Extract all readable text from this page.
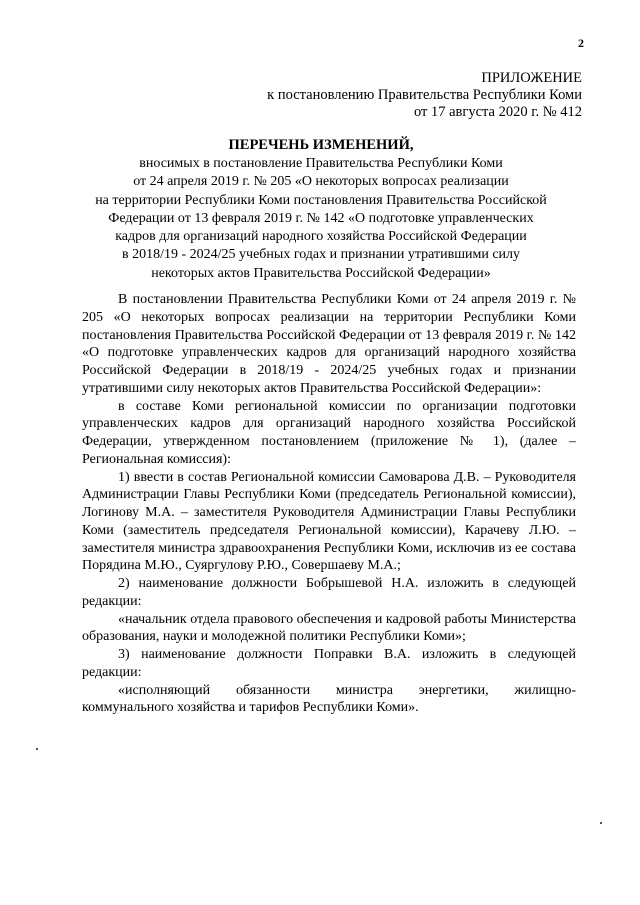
2
ПРИЛОЖЕНИЕ
к постановлению Правительства Республики Коми
от 17 августа 2020 г. № 412
ПЕРЕЧЕНЬ ИЗМЕНЕНИЙ,
вносимых в постановление Правительства Республики Коми
от 24 апреля 2019 г. № 205 «О некоторых вопросах реализации
на территории Республики Коми постановления Правительства Российской
Федерации от 13 февраля 2019 г. № 142 «О подготовке управленческих
кадров для организаций народного хозяйства Российской Федерации
в 2018/19 - 2024/25 учебных годах и признании утратившими силу
некоторых актов Правительства Российской Федерации»

В постановлении Правительства Республики Коми от 24 апреля 2019 г. № 205 «О некоторых вопросах реализации на территории Республики Коми постановления Правительства Российской Федерации от 13 февраля 2019 г. № 142 «О подготовке управленческих кадров для организаций народного хозяйства Российской Федерации в 2018/19 - 2024/25 учебных годах и признании утратившими силу некоторых актов Правительства Российской Федерации»:

в составе Коми региональной комиссии по организации подготовки управленческих кадров для организаций народного хозяйства Российской Федерации, утвержденном постановлением (приложение № 1), (далее – Региональная комиссия):

1) ввести в состав Региональной комиссии Самоварова Д.В. – Руководителя Администрации Главы Республики Коми (председатель Региональной комиссии), Логинову М.А. – заместителя Руководителя Администрации Главы Республики Коми (заместитель председателя Региональной комиссии), Карачеву Л.Ю. – заместителя министра здравоохранения Республики Коми, исключив из ее состава Порядина М.Ю., Суяргулову Р.Ю., Совершаеву М.А.;

2) наименование должности Бобрышевой Н.А. изложить в следующей редакции:

«начальник отдела правового обеспечения и кадровой работы Министерства образования, науки и молодежной политики Республики Коми»;

3) наименование должности Поправки В.А. изложить в следующей редакции:

«исполняющий обязанности министра энергетики, жилищно-коммунального хозяйства и тарифов Республики Коми».
